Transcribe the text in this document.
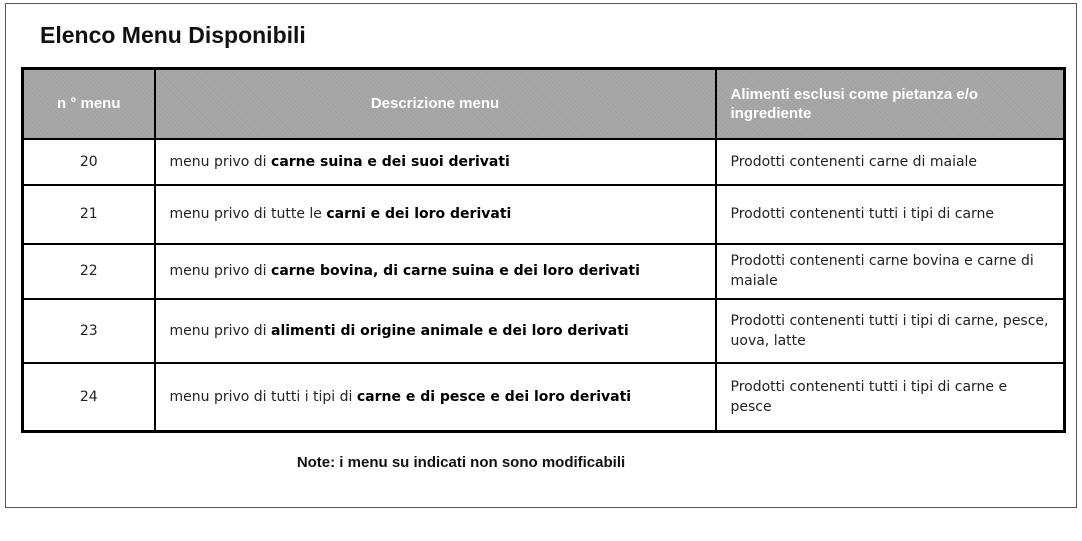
Elenco Menu Disponibili
n ° menu	Descrizione menu	Alimenti esclusi come pietanza e/o ingrediente
20	menu privo di carne suina e dei suoi derivati	Prodotti contenenti carne di maiale
21	menu privo di tutte le carni e dei loro derivati	Prodotti contenenti tutti i tipi di carne
22	menu privo di carne bovina, di carne suina e dei loro derivati	Prodotti contenenti carne bovina e carne di maiale
23	menu privo di alimenti di origine animale e dei loro derivati	Prodotti contenenti tutti i tipi di carne, pesce, uova, latte
24	menu privo di tutti i tipi di carne e di pesce e dei loro derivati	Prodotti contenenti tutti i tipi di carne e pesce

Note: i menu su indicati non sono modificabili
